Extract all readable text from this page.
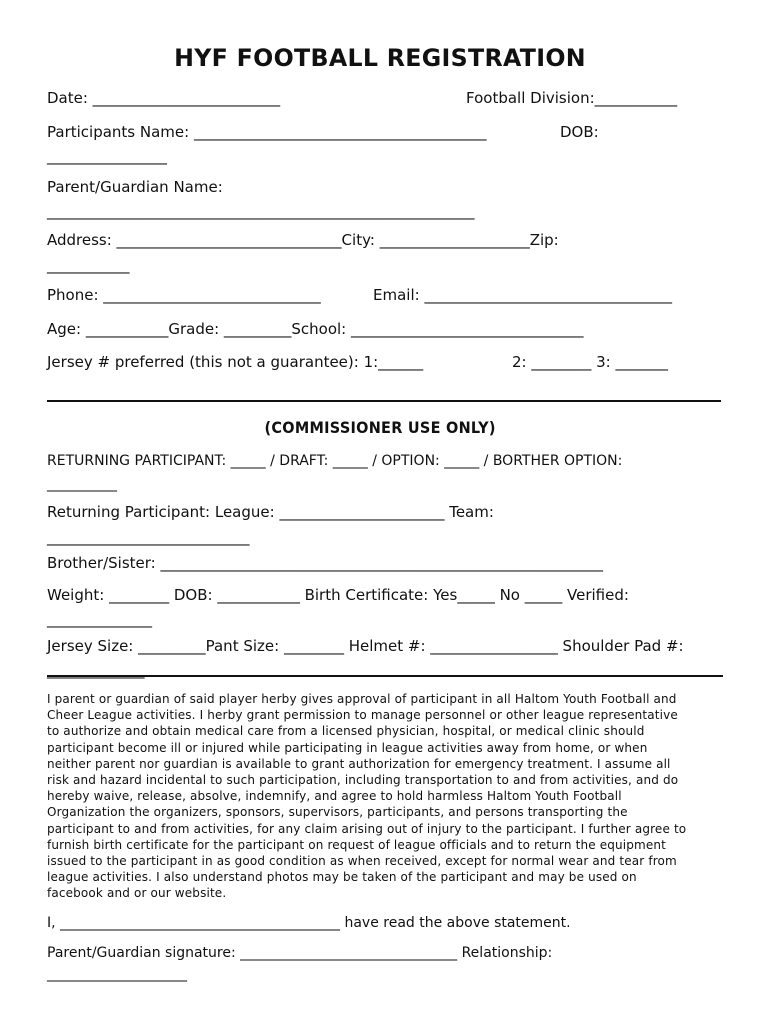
HYF FOOTBALL REGISTRATION
Date: _________________________	Football Division:___________
Participants Name: _______________________________________	DOB:
________________
Parent/Guardian Name:
_________________________________________________________
Address: ______________________________City: ____________________Zip:
___________
Phone: _____________________________	Email: _________________________________
Age: ___________Grade: _________School: _______________________________
Jersey # preferred (this not a guarantee): 1:______	2: ________ 3: _______
(COMMISSIONER USE ONLY)
RETURNING PARTICIPANT: _____ / DRAFT: _____ / OPTION: _____ / BORTHER OPTION:
__________
Returning Participant: League: ______________________ Team:
___________________________
Brother/Sister: ___________________________________________________________
Weight: ________ DOB: ___________ Birth Certificate: Yes_____ No _____ Verified:
______________
Jersey Size: _________Pant Size: ________ Helmet #: _________________ Shoulder Pad #:
_____________
I parent or guardian of said player herby gives approval of participant in all Haltom Youth Football and
Cheer League activities. I herby grant permission to manage personnel or other league representative
to authorize and obtain medical care from a licensed physician, hospital, or medical clinic should
participant become ill or injured while participating in league activities away from home, or when
neither parent nor guardian is available to grant authorization for emergency treatment. I assume all
risk and hazard incidental to such participation, including transportation to and from activities, and do
hereby waive, release, absolve, indemnify, and agree to hold harmless Haltom Youth Football
Organization the organizers, sponsors, supervisors, participants, and persons transporting the
participant to and from activities, for any claim arising out of injury to the participant. I further agree to
furnish birth certificate for the participant on request of league officials and to return the equipment
issued to the participant in as good condition as when received, except for normal wear and tear from
league activities. I also understand photos may be taken of the participant and may be used on
facebook and or our website.
I, ________________________________________ have read the above statement.
Parent/Guardian signature: _______________________________ Relationship:
____________________
